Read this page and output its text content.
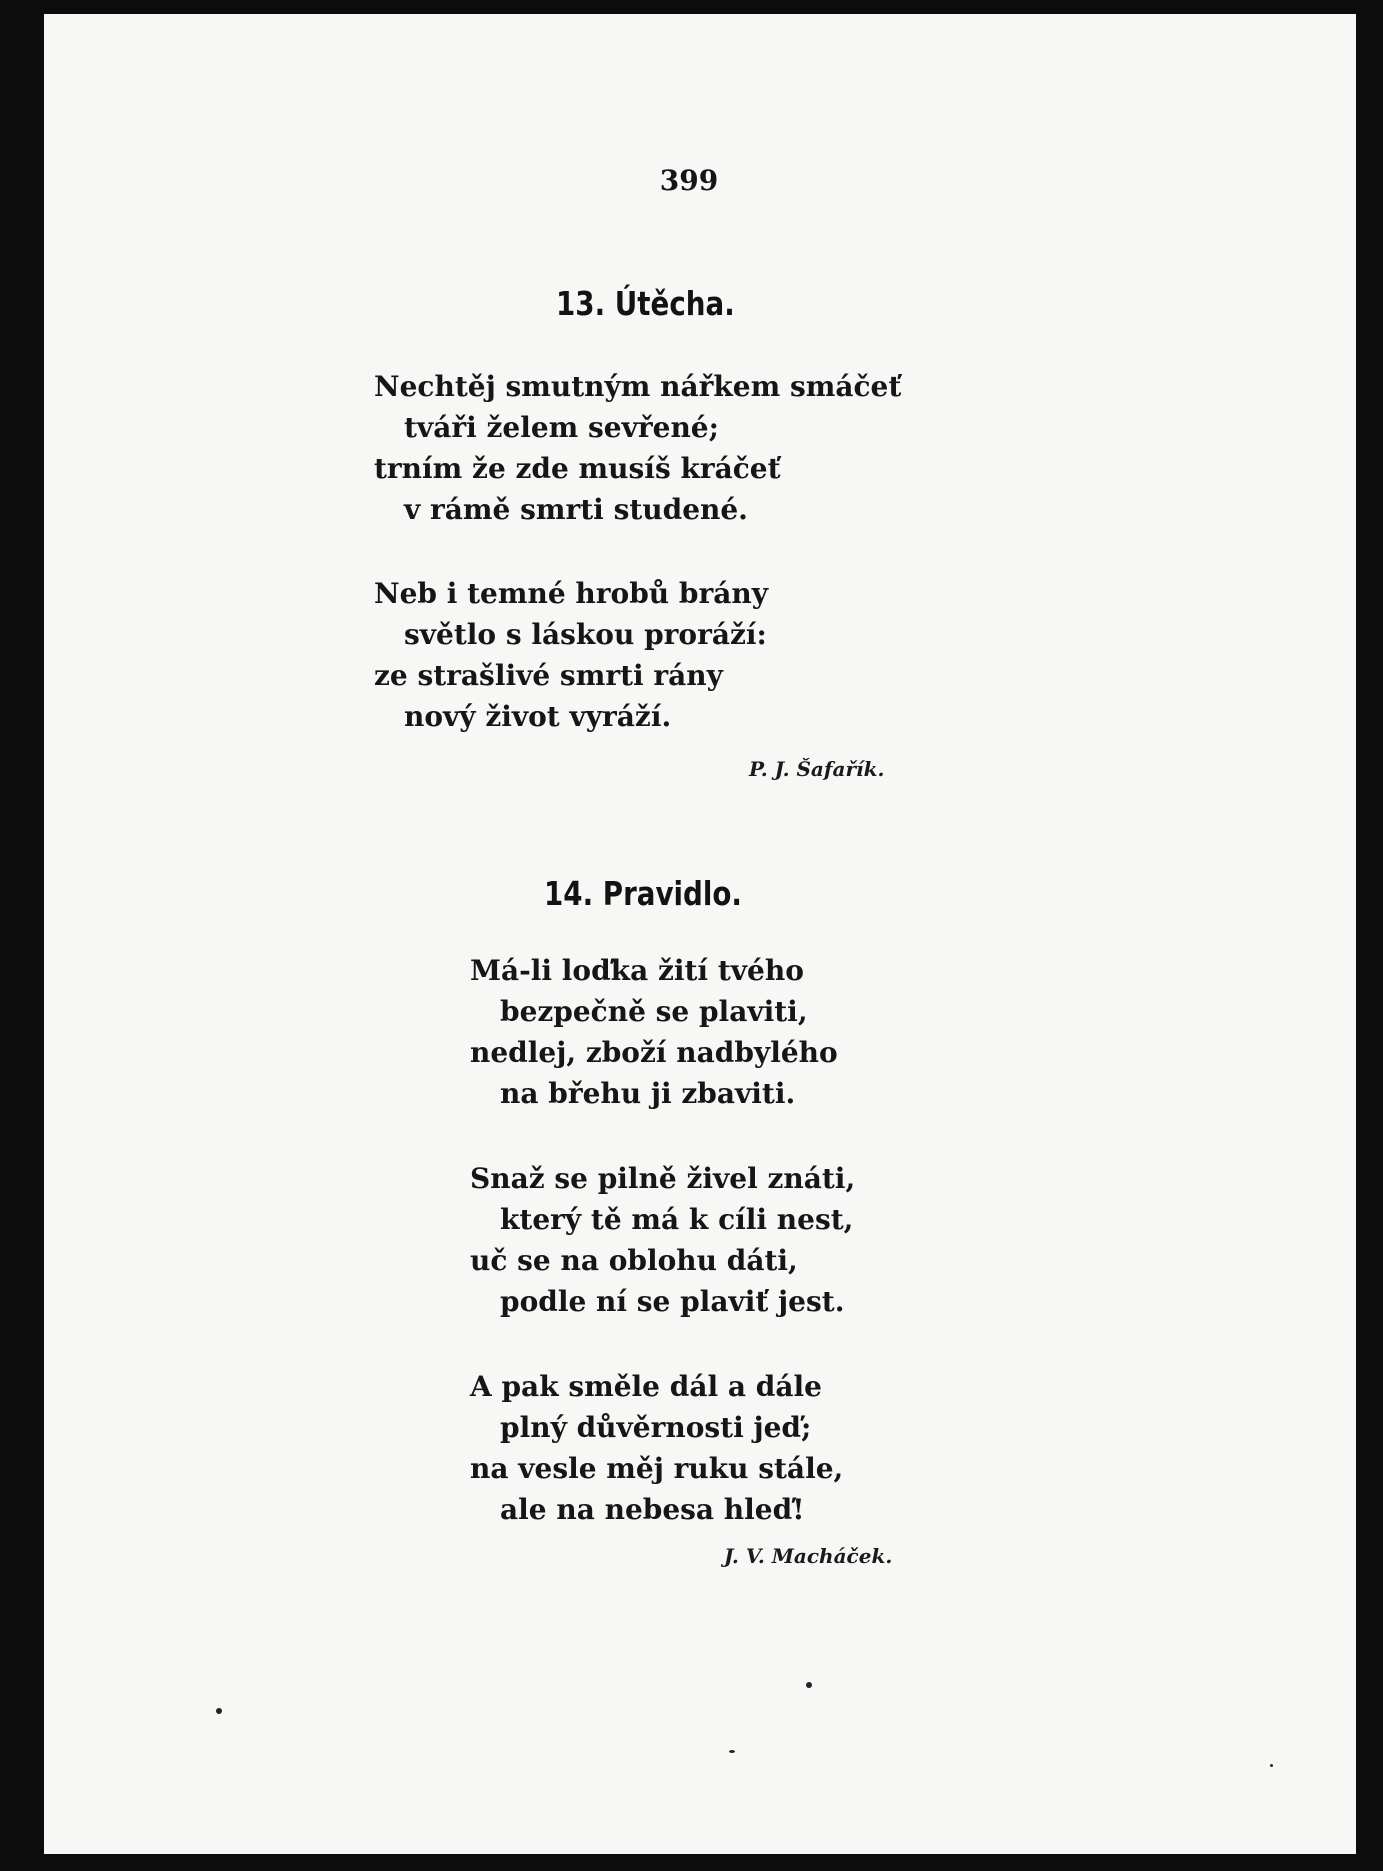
399
13. Útěcha.
Nechtěj smutným nářkem smáčeť
tváři želem sevřené;
trním že zde musíš kráčeť
v rámě smrti studené.
Neb i temné hrobů brány
světlo s láskou proráží:
ze strašlivé smrti rány
nový život vyráží.
P. J. Šafařík.
14. Pravidlo.
Má-li loďka žití tvého
bezpečně se plaviti,
nedlej, zboží nadbylého
na břehu ji zbaviti.
Snaž se pilně živel znáti,
který tě má k cíli nest,
uč se na oblohu dáti,
podle ní se plaviť jest.
A pak směle dál a dále
plný důvěrnosti jeď;
na vesle měj ruku stále,
ale na nebesa hleď!
J. V. Macháček.
